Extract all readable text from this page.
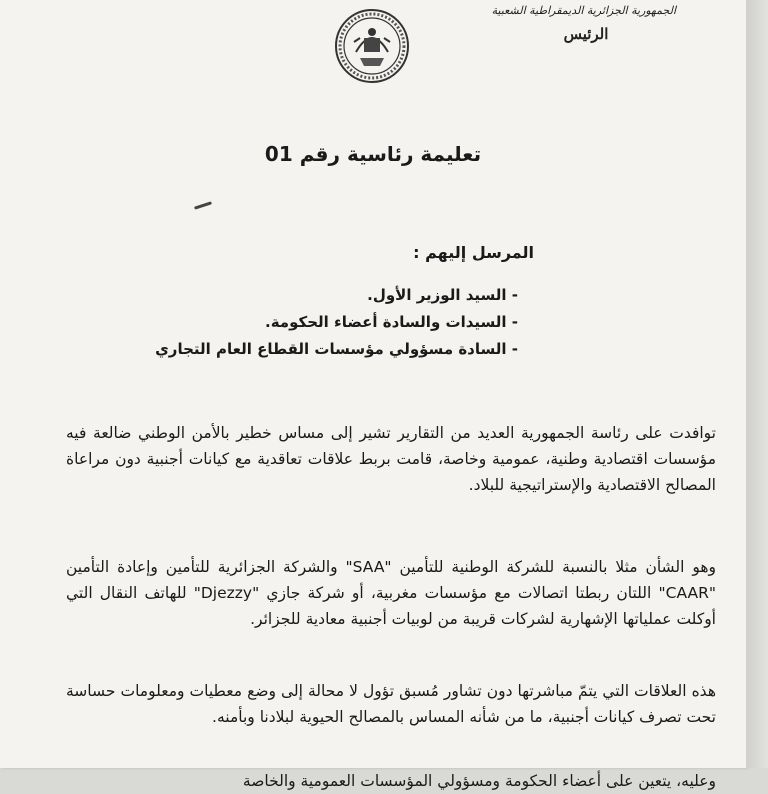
الجمهورية الجزائرية الديمقراطية الشعبية
الرئيس
تعليمة رئاسية رقم 01
المرسل إليهم :
- السيد الوزير الأول.
- السيدات والسادة أعضاء الحكومة.
- السادة مسؤولي مؤسسات القطاع العام التجاري

توافدت على رئاسة الجمهورية العديد من التقارير تشير إلى مساس خطير بالأمن الوطني ضالعة فيه مؤسسات اقتصادية وطنية، عمومية وخاصة، قامت بربط علاقات تعاقدية مع كيانات أجنبية دون مراعاة المصالح الاقتصادية والإستراتيجية للبلاد.

وهو الشأن مثلا بالنسبة للشركة الوطنية للتأمين "SAA" والشركة الجزائرية للتأمين وإعادة التأمين "CAAR" اللتان ربطتا اتصالات مع مؤسسات مغربية، أو شركة جازي "Djezzy" للهاتف النقال التي أوكلت عملياتها الإشهارية لشركات قريبة من لوبيات أجنبية معادية للجزائر.

هذه العلاقات التي يتمّ مباشرتها دون تشاور مُسبق تؤول لا محالة إلى وضع معطيات ومعلومات حساسة تحت تصرف كيانات أجنبية، ما من شأنه المساس بالمصالح الحيوية لبلادنا وبأمنه.

وعليه، يتعين على أعضاء الحكومة ومسؤولي المؤسسات العمومية والخاصة
